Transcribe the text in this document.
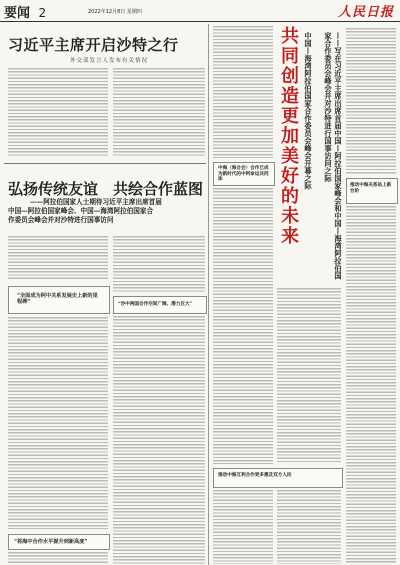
要闻 2	2022年12月8日 星期四	人民日报
习近平主席开启沙特之行
外交部发言人发布有关情况
弘扬传统友谊　共绘合作蓝图
——阿拉伯国家人士期待习近平主席出席首届
中国—阿拉伯国家峰会、中国—海湾阿拉伯国家合
作委员会峰会并对沙特进行国事访问
“全面成为阿中关系发展史上新的里程碑”
“将海中合作水平提升到新高度”
“沙中两国合作空间广阔、潜力巨大”
共同创造更加美好的未来 中国—海湾阿拉伯国家合作委员会峰会开幕之际	——写在习近平主席出席首届中国—阿拉伯国家峰会和中国—海湾阿拉伯国家合作委员会峰会并对沙特进行国事访问之际
中海（海合会）合作已成为新时代的中阿命运共同体
推动中海关系站上新台阶
推动中海互利合作更多惠及双方人民
